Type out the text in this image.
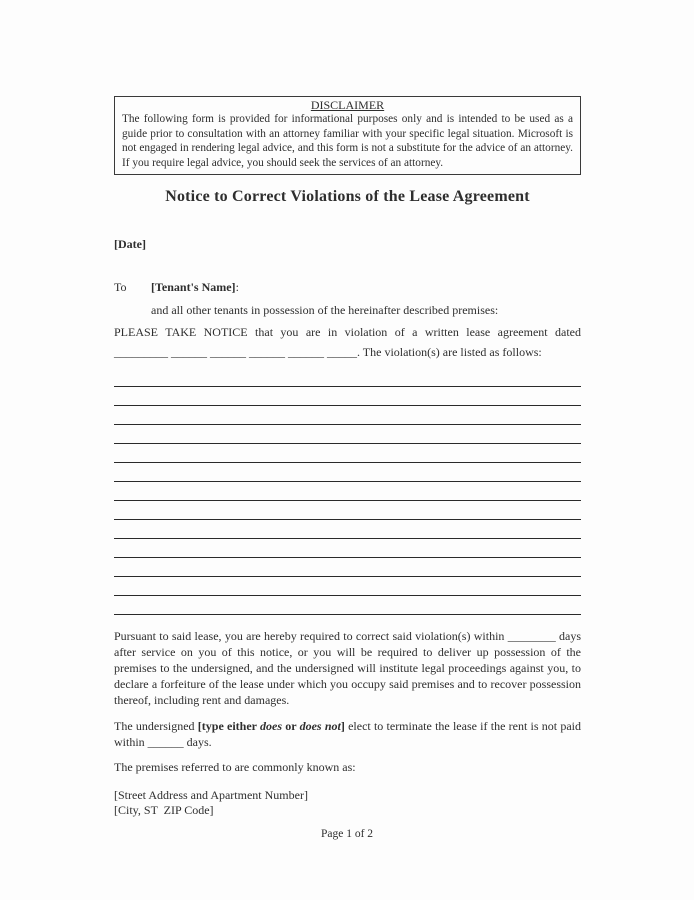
DISCLAIMER
The following form is provided for informational purposes only and is intended to be used as a guide prior to consultation with an attorney familiar with your specific legal situation. Microsoft is not engaged in rendering legal advice, and this form is not a substitute for the advice of an attorney. If you require legal advice, you should seek the services of an attorney.
Notice to Correct Violations of the Lease Agreement
[Date]
To [Tenant's Name]:
and all other tenants in possession of the hereinafter described premises:
PLEASE TAKE NOTICE that you are in violation of a written lease agreement dated
_________ ______ ______ ______ ______ _____. The violation(s) are listed as follows:
Pursuant to said lease, you are hereby required to correct said violation(s) within ________ days after service on you of this notice, or you will be required to deliver up possession of the premises to the undersigned, and the undersigned will institute legal proceedings against you, to declare a forfeiture of the lease under which you occupy said premises and to recover possession thereof, including rent and damages.
The undersigned [type either does or does not] elect to terminate the lease if the rent is not paid within ______ days.
The premises referred to are commonly known as:
[Street Address and Apartment Number]
[City, ST  ZIP Code]
Page 1 of 2
